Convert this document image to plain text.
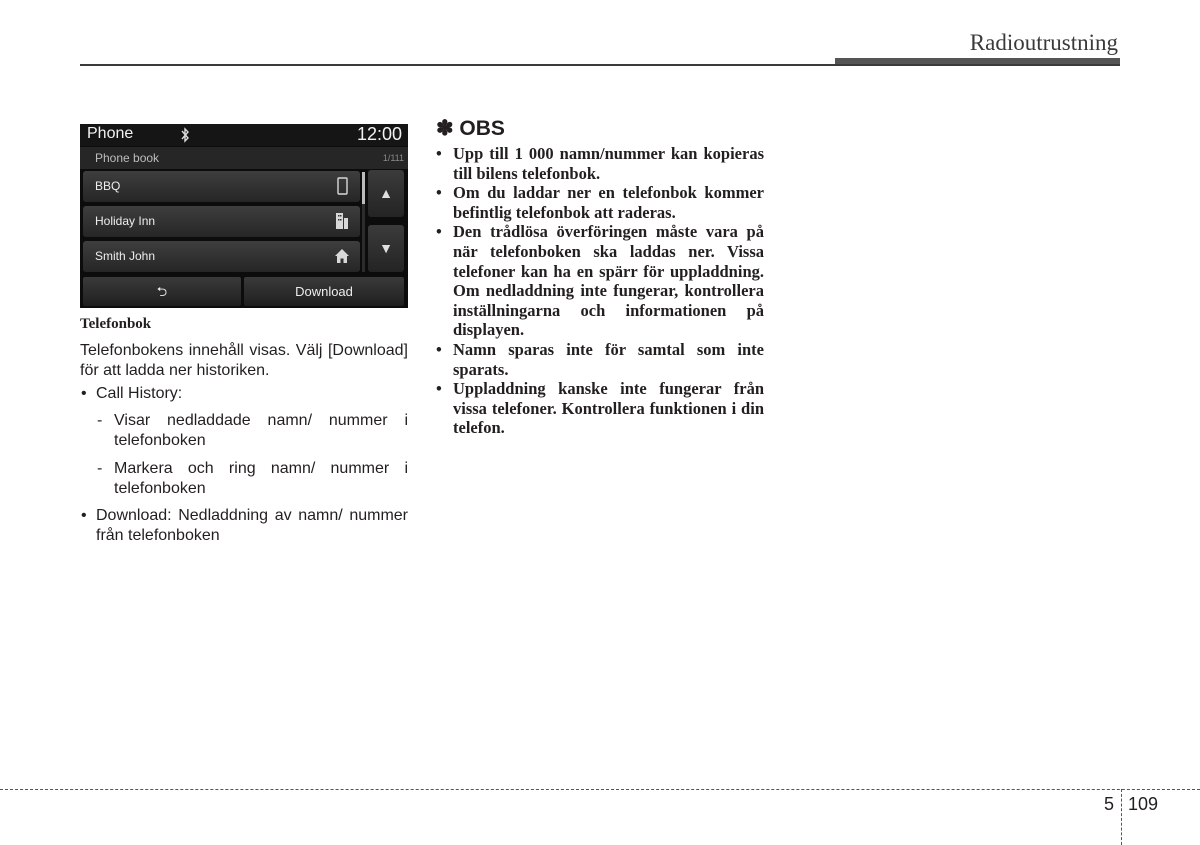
Radioutrustning
Phone	12:00
Phone book	1/111
BBQ
Holiday Inn
Smith John
▲
▼
⮌	Download
Telefonbok
Telefonbokens innehåll visas. Välj [Download] för att ladda ner historiken.
• Call History:
- Visar nedladdade namn/ nummer i telefonboken
- Markera och ring namn/ nummer i telefonboken
• Download: Nedladdning av namn/ nummer från telefonboken
✽ OBS
• Upp till 1 000 namn/nummer kan kopieras till bilens telefonbok.
• Om du laddar ner en telefonbok kommer befintlig telefonbok att raderas.
• Den trådlösa överföringen måste vara på när telefonboken ska laddas ner. Vissa telefoner kan ha en spärr för uppladdning. Om nedladdning inte fungerar, kontrollera inställningarna och informationen på displayen.
• Namn sparas inte för samtal som inte sparats.
• Uppladdning kanske inte fungerar från vissa telefoner. Kontrollera funktionen i din telefon.
5 109
